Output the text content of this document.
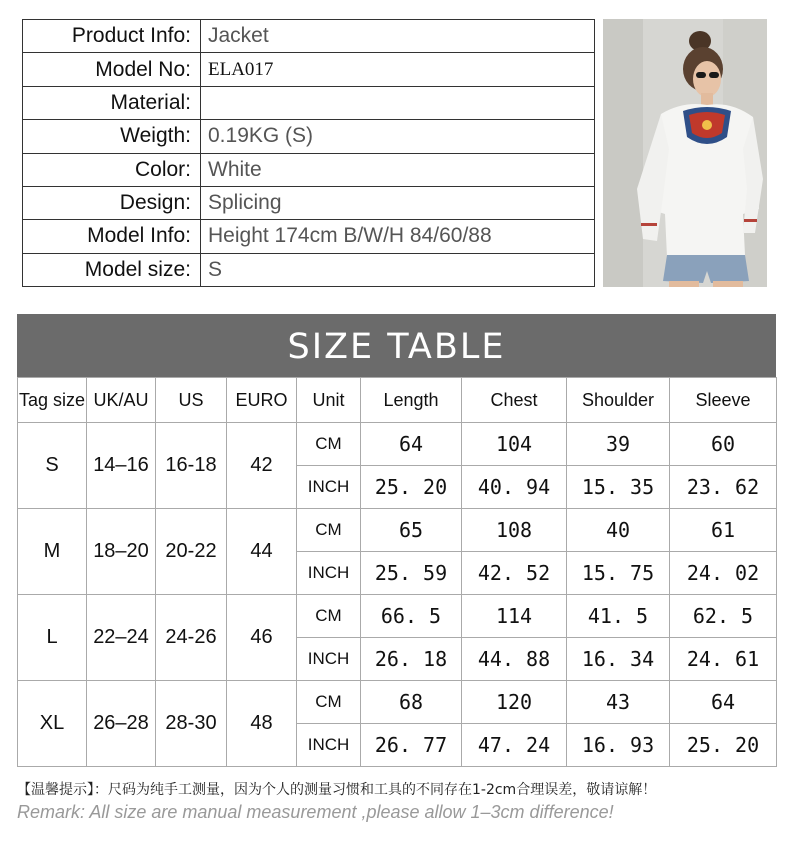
Product Info:	Jacket
Model No:	ELA017
Material:	
Weigth:	0.19KG (S)
Color:	White
Design:	Splicing
Model Info:	Height 174cm B/W/H 84/60/88
Model size:	S
SIZE TABLE
Tag size	UK/AU	US	EURO	Unit	Length	Chest	Shoulder	Sleeve
S	14–16	16-18	42	CM	64	104	39	60
				INCH	25. 20	40. 94	15. 35	23. 62
M	18–20	20-22	44	CM	65	108	40	61
				INCH	25. 59	42. 52	15. 75	24. 02
L	22–24	24-26	46	CM	66. 5	114	41. 5	62. 5
				INCH	26. 18	44. 88	16. 34	24. 61
XL	26–28	28-30	48	CM	68	120	43	64
				INCH	26. 77	47. 24	16. 93	25. 20
【温馨提示】：尺码为纯手工测量，因为个人的测量习惯和工具的不同存在1-2cm合理误差，敬请谅解！
Remark: All size are manual measurement ,please allow 1–3cm difference!
